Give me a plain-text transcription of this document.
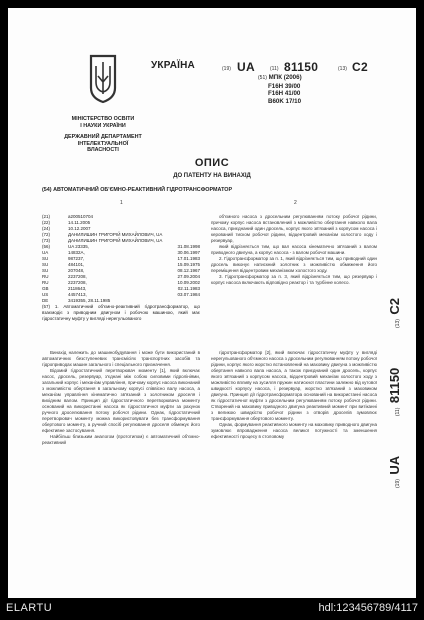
УКРАЇНА
МІНІСТЕРСТВО ОСВІТИ
І НАУКИ УКРАЇНИ
ДЕРЖАВНИЙ ДЕПАРТАМЕНТ
ІНТЕЛЕКТУАЛЬНОЇ
ВЛАСНОСТІ
(19) UA	(11) 81150	(13) C2
(51) МПК (2006)
F16H 39/00
F16H 41/00
B60K 17/10
ОПИС
ДО ПАТЕНТУ НА ВИНАХІД
(54) АВТОМАТИЧНИЙ ОБ'ЄМНО-РЕАКТИВНИЙ ГІДРОТРАНСФОРМАТОР
1	2
(21)	a200510704
(22)	14.11.2005
(24)	10.12.2007
(72)	ДАНИЛИШИН ГРИГОРІЙ МИХАЙЛОВИЧ, UA
(73)	ДАНИЛИШИН ГРИГОРІЙ МИХАЙЛОВИЧ, UA
(56)	UA 23335,	31.08.1998
UA	14832A,	30.06.1997
SU	987237,	17.01.1983
SU	484101,	15.09.1975
SU	207048,	08.12.1967
RU	2237208,	27.09.2004
RU	2237208,	10.09.2002
GB	2118643,	02.11.1983
US	4457413,	03.07.1984
DE	3419355, 28.11.1985

(57) 1. Автоматичний об'ємно-реактивний гідротрансформатор, що взаємодіє з приводним двигуном і робочою машиною, який має гідростатичну муфту у вигляді нерегульованого

об'ємного насоса з дросельним регулюванням потоку робочої рідини, причому корпус насоса встановлений з можливістю обертання навколо вала насоса, приєднаний один дросель, корпус якого зв'язаний з корпусом насоса і керований тиском робочої рідини, відцентровий механізм холостого ходу і резервуар,

який відрізняється тим, що вал насоса кінематично зв'язаний з валом приводного двигуна, а корпус насоса - з валом робочої машини.

2. Гідротрансформатор за п. 1, який відрізняється тим, що приводний один дросель виконує натискний золотник з можливістю обмеження його переміщення відцентровим механізмом холостого ходу.

3. Гідротрансформатор за п. 3, який відрізняється тим, що резервуар і корпус насоса включають відповідно реактор і та турбінне колесо.

Винахід належить до машинобудування і може бути використаний в автоматичних безступеневих трансмісіях транспортних засобів та гідроприводах машин загального і спеціального призначення.

Відомий гідростатичний перетворювач моменту [1], який включає насос, дросель, резервуар, з'єднані між собою силовими гідролініями, загальний корпус і механізм управління, причому корпус насоса виконаний з можливістю обертання в загальному корпусі співвісно валу насоса, а механізм управління кінематично зв'язаний з золотником дроселя і вихідним валом. Принцип дії гідростатичного перетворювача моменту оснований на використанні насоса як гідростатичної муфти за рахунок ручного дроселювання потоку робочої рідини. Однак, гідростатичний перетворювач моменту можна використовувати без трансформування обертового моменту, а ручний спосіб регулювання дроселя обмежує його ефективне застосування.

Найбільш близьким аналогом (прототипом) є автоматичний об'ємно-реактивний

гідротрансформатор [2], який включає гідростатичну муфту у вигляді нерегульованого об'ємного насоса з дросельним регулюванням потоку робочої рідини, корпус якого жорстко встановлений на маховику двигуна з можливістю обертання навколо вала насоса, а також приєднаний один дросель, корпус якого зв'язаний з корпусом насоса, відцентровий механізм холостого ходу з можливістю впливу на зусилля пружин натискної пластини залежно від кутової швидкості корпусу насоса, і резервуар, жорстко зв'язаний з маховиком двигуна. Принцип дії гідротрансформатора оснований на використанні насоса як гідростатичної муфти з дросельним регулюванням потоку робочої рідини. Створений на маховику приводного двигуна реактивний момент при витіканні з великою швидкістю робочої рідини з отворів дроселів зумовлює трансформування обертового моменту.

Однак, формування реактивного моменту на маховику приводного двигуна зумовлює впровадження насоса великої потужності та зменшення ефективності процесу в столовому

(19) UA
(11) 81150
(13) C2
ELARTU	hdl:123456789/4117
